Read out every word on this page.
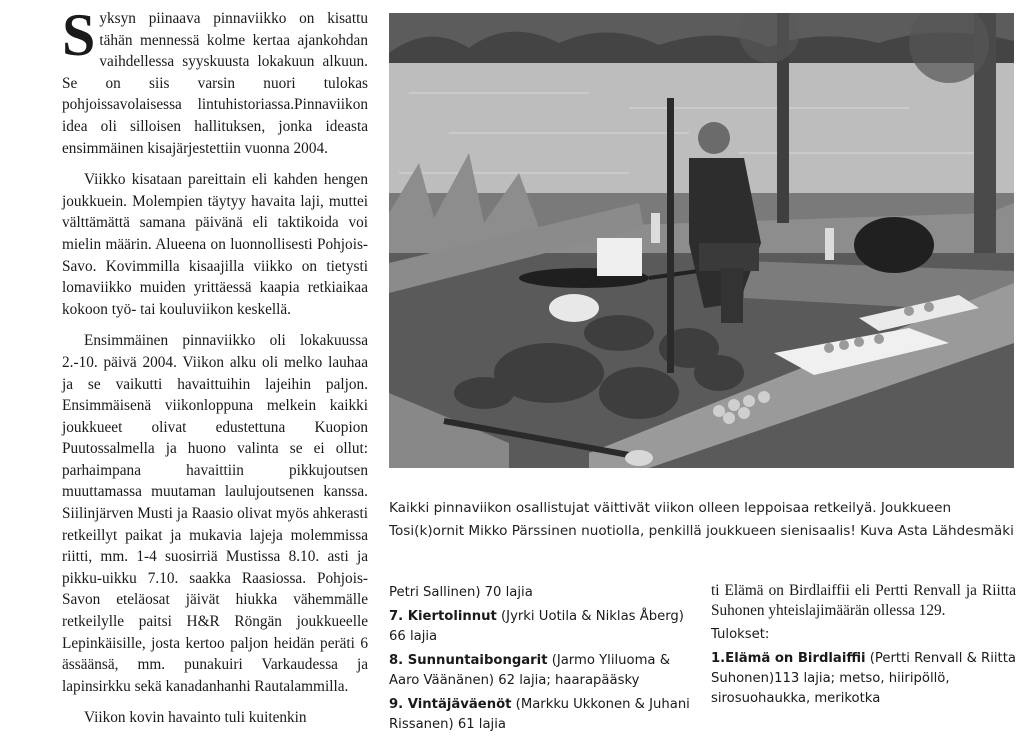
Syksyn piinaava pinnaviikko on kisattu tähän mennessä kolme kertaa ajankohdan vaihdellessa syyskuusta lokakuun alkuun. Se on siis varsin nuori tulokas pohjoissavolaisessa lintuhistoriassa.Pinnaviikon idea oli silloisen hallituksen, jonka ideasta ensimmäinen kisajärjestettiin vuonna 2004.

Viikko kisataan pareittain eli kahden hengen joukkuein. Molempien täytyy havaita laji, muttei välttämättä samana päivänä eli taktikoida voi mielin määrin. Alueena on luonnollisesti Pohjois-Savo. Kovimmilla kisaajilla viikko on tietysti lomaviikko muiden yrittäessä kaapia retkiaikaa kokoon työ- tai kouluviikon keskellä.

Ensimmäinen pinnaviikko oli lokakuussa 2.-10. päivä 2004. Viikon alku oli melko lauhaa ja se vaikutti havaittuihin lajeihin paljon. Ensimmäisenä viikonloppuna melkein kaikki joukkueet olivat edustettuna Kuopion Puutossalmella ja huono valinta se ei ollut: parhaimpana havaittiin pikkujoutsen muuttamassa muutaman laulujoutsenen kanssa. Siilinjärven Musti ja Raasio olivat myös ahkerasti retkeillyt paikat ja mukavia lajeja molemmissa riitti, mm. 1-4 suosirriä Mustissa 8.10. asti ja pikku-uikku 7.10. saakka Raasiossa. Pohjois-Savon eteläosat jäivät hiukka vähemmälle retkeilylle paitsi H&R Röngän joukkueelle Lepinkäisille, josta kertoo paljon heidän peräti 6 ässäänsä, mm. punakuiri Varkaudessa ja lapinsirkku sekä kanadanhanhi Rautalammilla.

Viikon kovin havainto tuli kuitenkin

Kaikki pinnaviikon osallistujat väittivät viikon olleen leppoisaa retkeilyä. Joukkueen Tosi(k)ornit Mikko Pärssinen nuotiolla, penkillä joukkueen sienisaalis! Kuva Asta Lähdesmäki
Petri Sallinen) 70 lajia
7. Kiertolinnut (Jyrki Uotila & Niklas Åberg) 66 lajia
8. Sunnuntaibongarit (Jarmo Yliluoma & Aaro Väänänen) 62 lajia; haarapääsky
9. Vintäjäväenöt (Markku Ukkonen & Juhani Rissanen) 61 lajia
ti Elämä on Birdlaiffii eli Pertti Renvall ja Riitta Suhonen yhteislajimäärän ollessa 129.
Tulokset:
1.Elämä on Birdlaiffii (Pertti Renvall & Riitta Suhonen)113 lajia; metso, hiiripöllö, sirosuohaukka, merikotka
